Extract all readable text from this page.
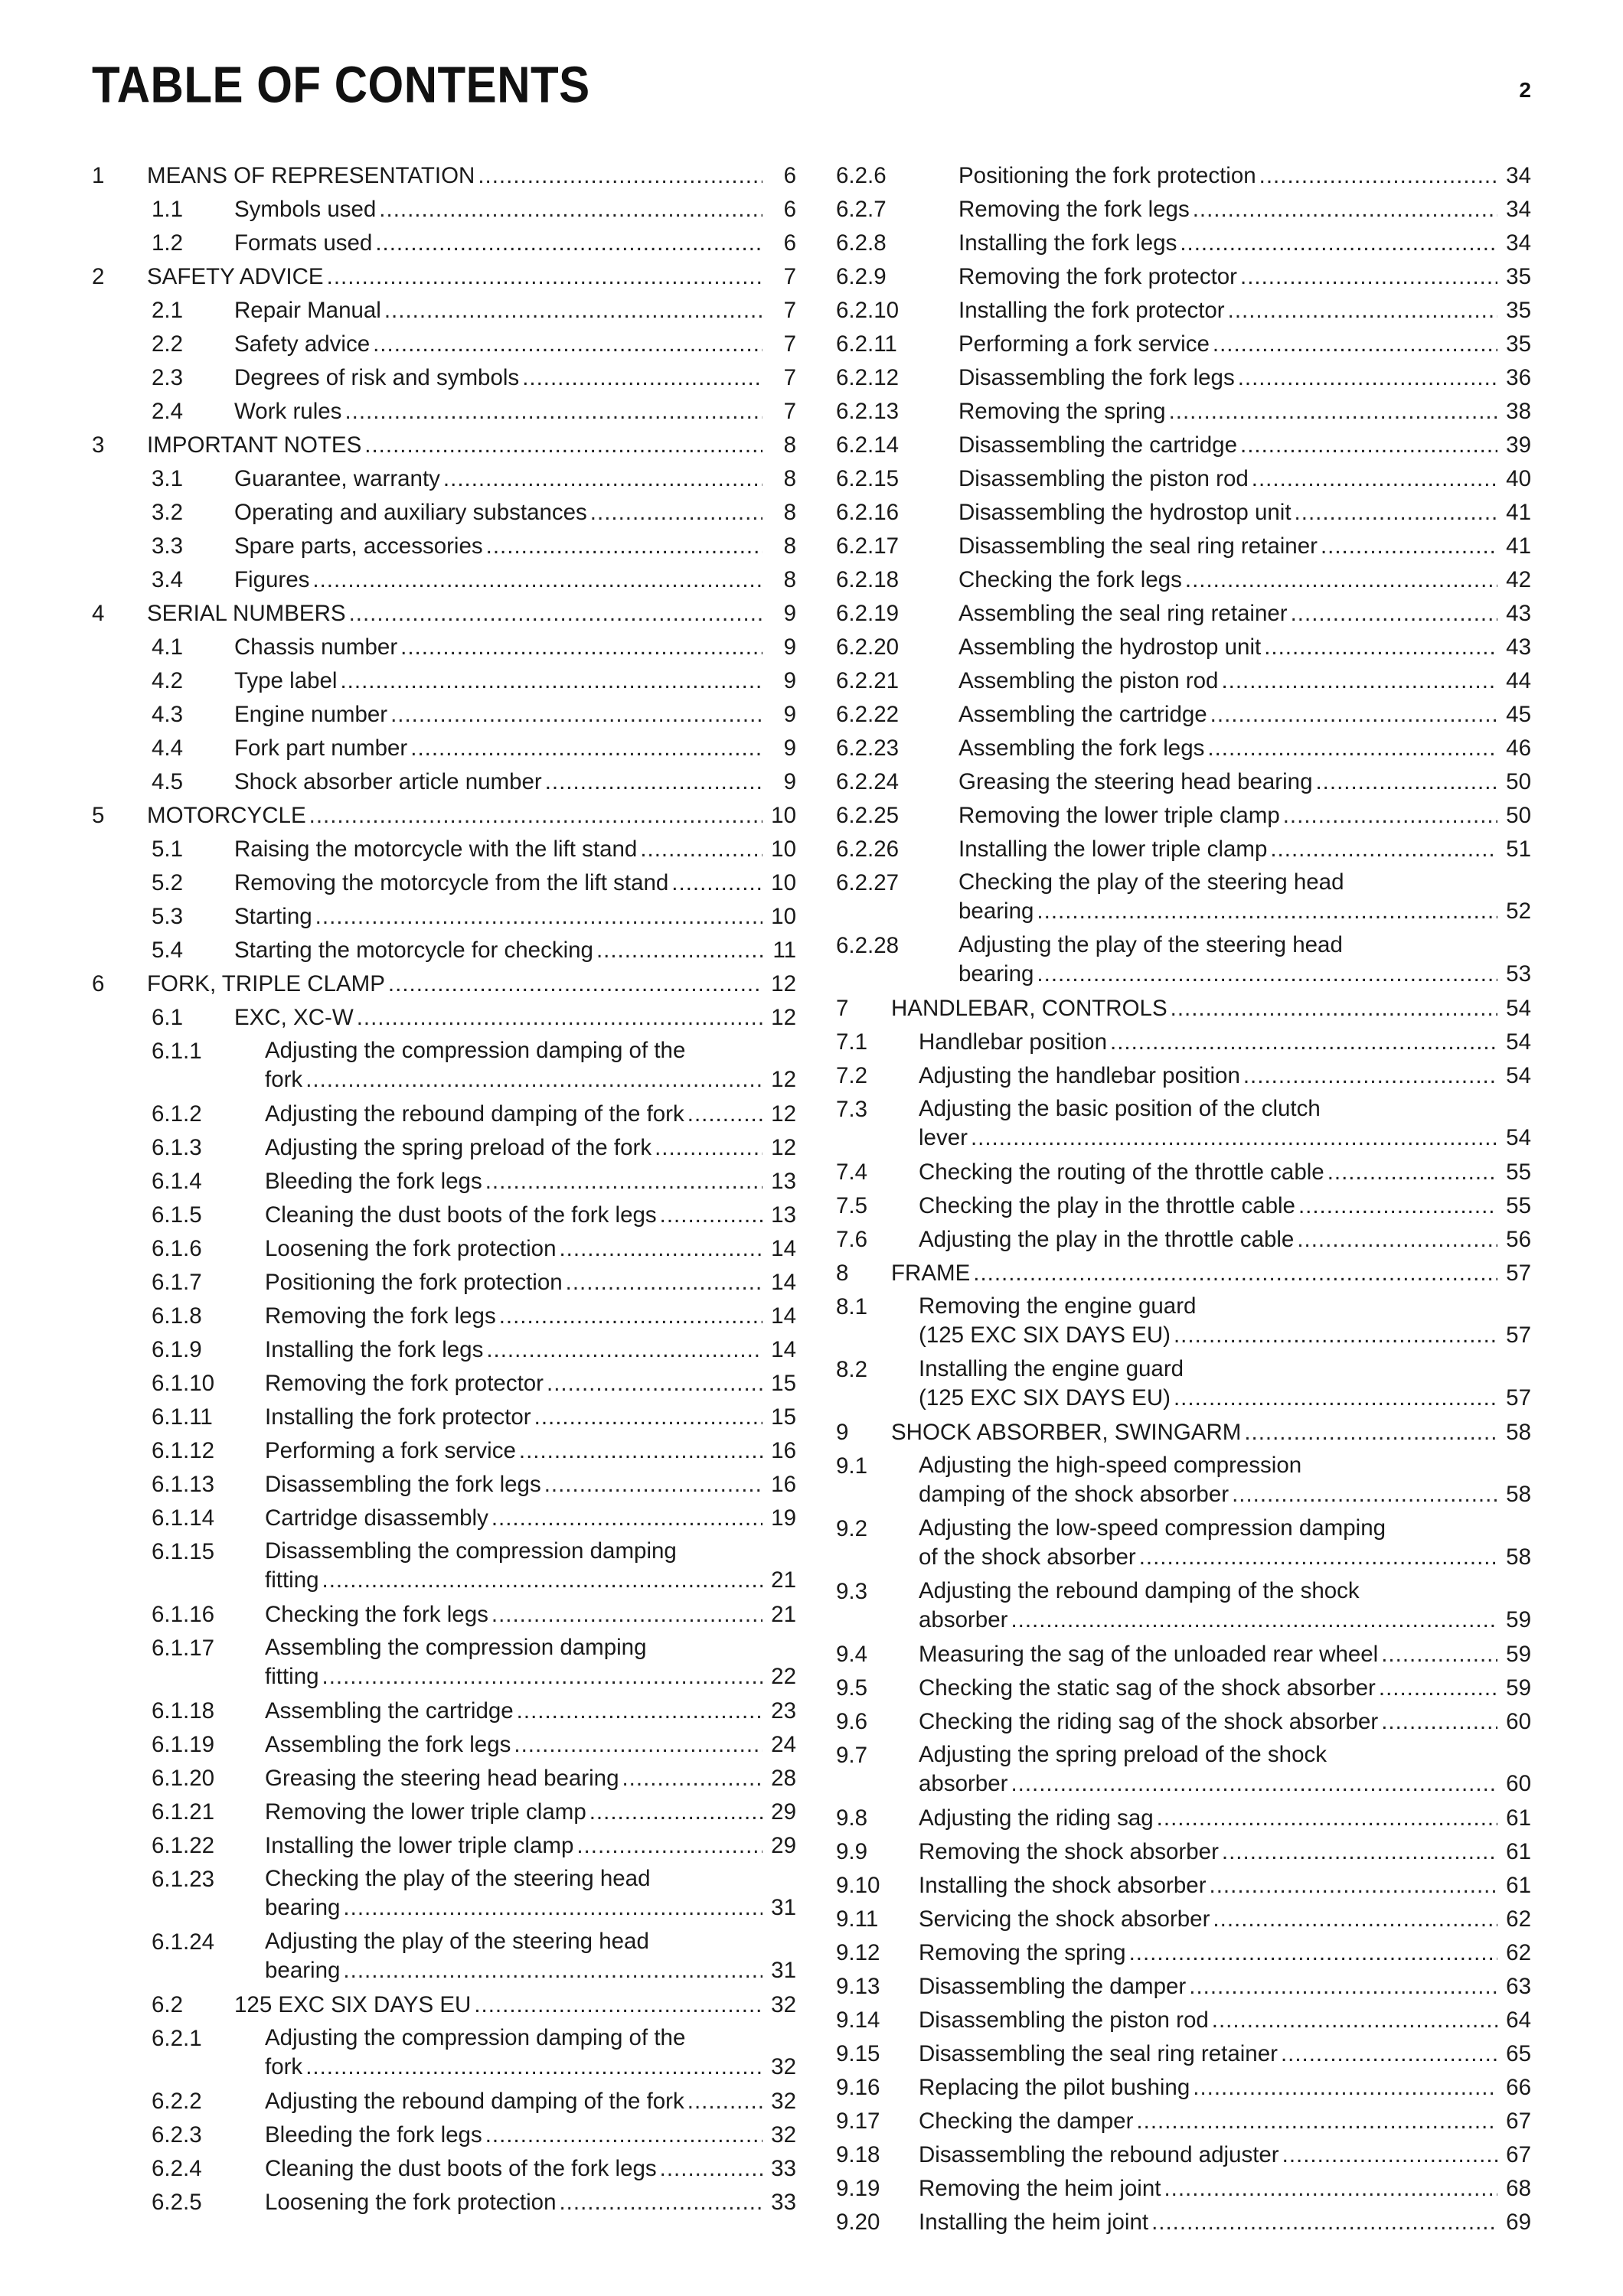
TABLE OF CONTENTS	2
1 MEANS OF REPRESENTATION .....	6
1.1 Symbols used .....	6
1.2 Formats used .....	6
2 SAFETY ADVICE .....	7
2.1 Repair Manual .....	7
2.2 Safety advice .....	7
2.3 Degrees of risk and symbols .....	7
2.4 Work rules .....	7
3 IMPORTANT NOTES .....	8
3.1 Guarantee, warranty .....	8
3.2 Operating and auxiliary substances .....	8
3.3 Spare parts, accessories .....	8
3.4 Figures .....	8
4 SERIAL NUMBERS .....	9
4.1 Chassis number .....	9
4.2 Type label .....	9
4.3 Engine number .....	9
4.4 Fork part number .....	9
4.5 Shock absorber article number .....	9
5 MOTORCYCLE .....	10
5.1 Raising the motorcycle with the lift stand .....	10
5.2 Removing the motorcycle from the lift stand .....	10
5.3 Starting .....	10
5.4 Starting the motorcycle for checking .....	11
6 FORK, TRIPLE CLAMP .....	12
6.1 EXC, XC-W .....	12
6.1.1	Adjusting the compression damping of the
fork .....	12
6.1.2	Adjusting the rebound damping of the fork .....	12
6.1.3	Adjusting the spring preload of the fork .....	12
6.1.4	Bleeding the fork legs .....	13
6.1.5	Cleaning the dust boots of the fork legs .....	13
6.1.6	Loosening the fork protection .....	14
6.1.7	Positioning the fork protection .....	14
6.1.8	Removing the fork legs .....	14
6.1.9	Installing the fork legs .....	14
6.1.10 Removing the fork protector .....	15
6.1.11 Installing the fork protector .....	15
6.1.12 Performing a fork service .....	16
6.1.13 Disassembling the fork legs .....	16
6.1.14 Cartridge disassembly .....	19
6.1.15 Disassembling the compression damping
fitting .....	21
6.1.16 Checking the fork legs .....	21
6.1.17 Assembling the compression damping
fitting .....	22
6.1.18 Assembling the cartridge .....	23
6.1.19 Assembling the fork legs .....	24
6.1.20 Greasing the steering head bearing .....	28
6.1.21 Removing the lower triple clamp .....	29
6.1.22 Installing the lower triple clamp .....	29
6.1.23 Checking the play of the steering head
bearing .....	31
6.1.24 Adjusting the play of the steering head
bearing .....	31
6.2 125 EXC SIX DAYS EU .....	32
6.2.1	Adjusting the compression damping of the
fork .....	32
6.2.2	Adjusting the rebound damping of the fork .....	32
6.2.3	Bleeding the fork legs .....	32
6.2.4	Cleaning the dust boots of the fork legs .....	33
6.2.5	Loosening the fork protection .....	33
6.2.6	Positioning the fork protection .....	34
6.2.7	Removing the fork legs .....	34
6.2.8	Installing the fork legs .....	34
6.2.9	Removing the fork protector .....	35
6.2.10	Installing the fork protector .....	35
6.2.11	Performing a fork service .....	35
6.2.12	Disassembling the fork legs .....	36
6.2.13	Removing the spring .....	38
6.2.14	Disassembling the cartridge .....	39
6.2.15	Disassembling the piston rod .....	40
6.2.16	Disassembling the hydrostop unit .....	41
6.2.17	Disassembling the seal ring retainer .....	41
6.2.18	Checking the fork legs .....	42
6.2.19	Assembling the seal ring retainer .....	43
6.2.20	Assembling the hydrostop unit .....	43
6.2.21	Assembling the piston rod .....	44
6.2.22	Assembling the cartridge .....	45
6.2.23	Assembling the fork legs .....	46
6.2.24	Greasing the steering head bearing .....	50
6.2.25	Removing the lower triple clamp .....	50
6.2.26	Installing the lower triple clamp .....	51
6.2.27	Checking the play of the steering head
bearing .....	52
6.2.28	Adjusting the play of the steering head
bearing .....	53
7 HANDLEBAR, CONTROLS .....	54
7.1 Handlebar position .....	54
7.2 Adjusting the handlebar position .....	54
7.3 Adjusting the basic position of the clutch
lever .....	54
7.4 Checking the routing of the throttle cable .....	55
7.5 Checking the play in the throttle cable .....	55
7.6 Adjusting the play in the throttle cable .....	56
8 FRAME .....	57
8.1 Removing the engine guard
(125 EXC SIX DAYS EU) .....	57
8.2 Installing the engine guard
(125 EXC SIX DAYS EU) .....	57
9 SHOCK ABSORBER, SWINGARM .....	58
9.1 Adjusting the high-speed compression
damping of the shock absorber .....	58
9.2 Adjusting the low-speed compression damping
of the shock absorber .....	58
9.3 Adjusting the rebound damping of the shock
absorber .....	59
9.4 Measuring the sag of the unloaded rear wheel .....	59
9.5 Checking the static sag of the shock absorber .....	59
9.6 Checking the riding sag of the shock absorber .....	60
9.7 Adjusting the spring preload of the shock
absorber .....	60
9.8 Adjusting the riding sag .....	61
9.9 Removing the shock absorber .....	61
9.10 Installing the shock absorber .....	61
9.11 Servicing the shock absorber .....	62
9.12 Removing the spring .....	62
9.13 Disassembling the damper .....	63
9.14 Disassembling the piston rod .....	64
9.15 Disassembling the seal ring retainer .....	65
9.16 Replacing the pilot bushing .....	66
9.17 Checking the damper .....	67
9.18 Disassembling the rebound adjuster .....	67
9.19 Removing the heim joint .....	68
9.20 Installing the heim joint .....	69
